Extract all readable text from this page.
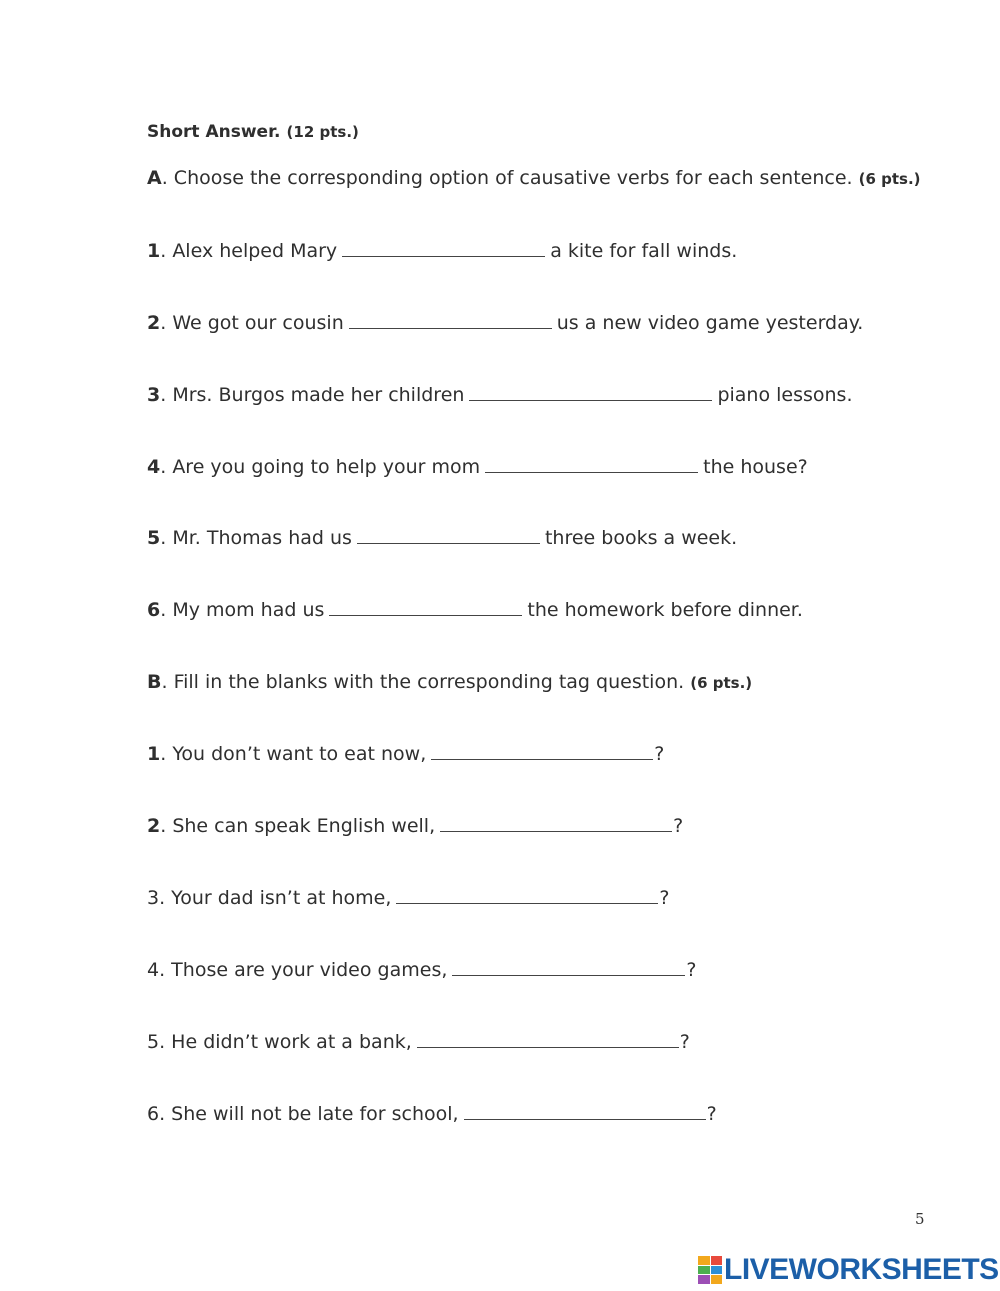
Short Answer. (12 pts.)
A. Choose the corresponding option of causative verbs for each sentence. (6 pts.)
1. Alex helped Mary	a kite for fall winds.
2. We got our cousin	us a new video game yesterday.
3. Mrs. Burgos made her children	piano lessons.
4. Are you going to help your mom	the house?
5. Mr. Thomas had us	three books a week.
6. My mom had us	the homework before dinner.
B. Fill in the blanks with the corresponding tag question. (6 pts.)
1. You don’t want to eat now,	?
2. She can speak English well,	?
3. Your dad isn’t at home,	?
4. Those are your video games,	?
5. He didn’t work at a bank,	?
6. She will not be late for school,	?
5
LIVEWORKSHEETS
